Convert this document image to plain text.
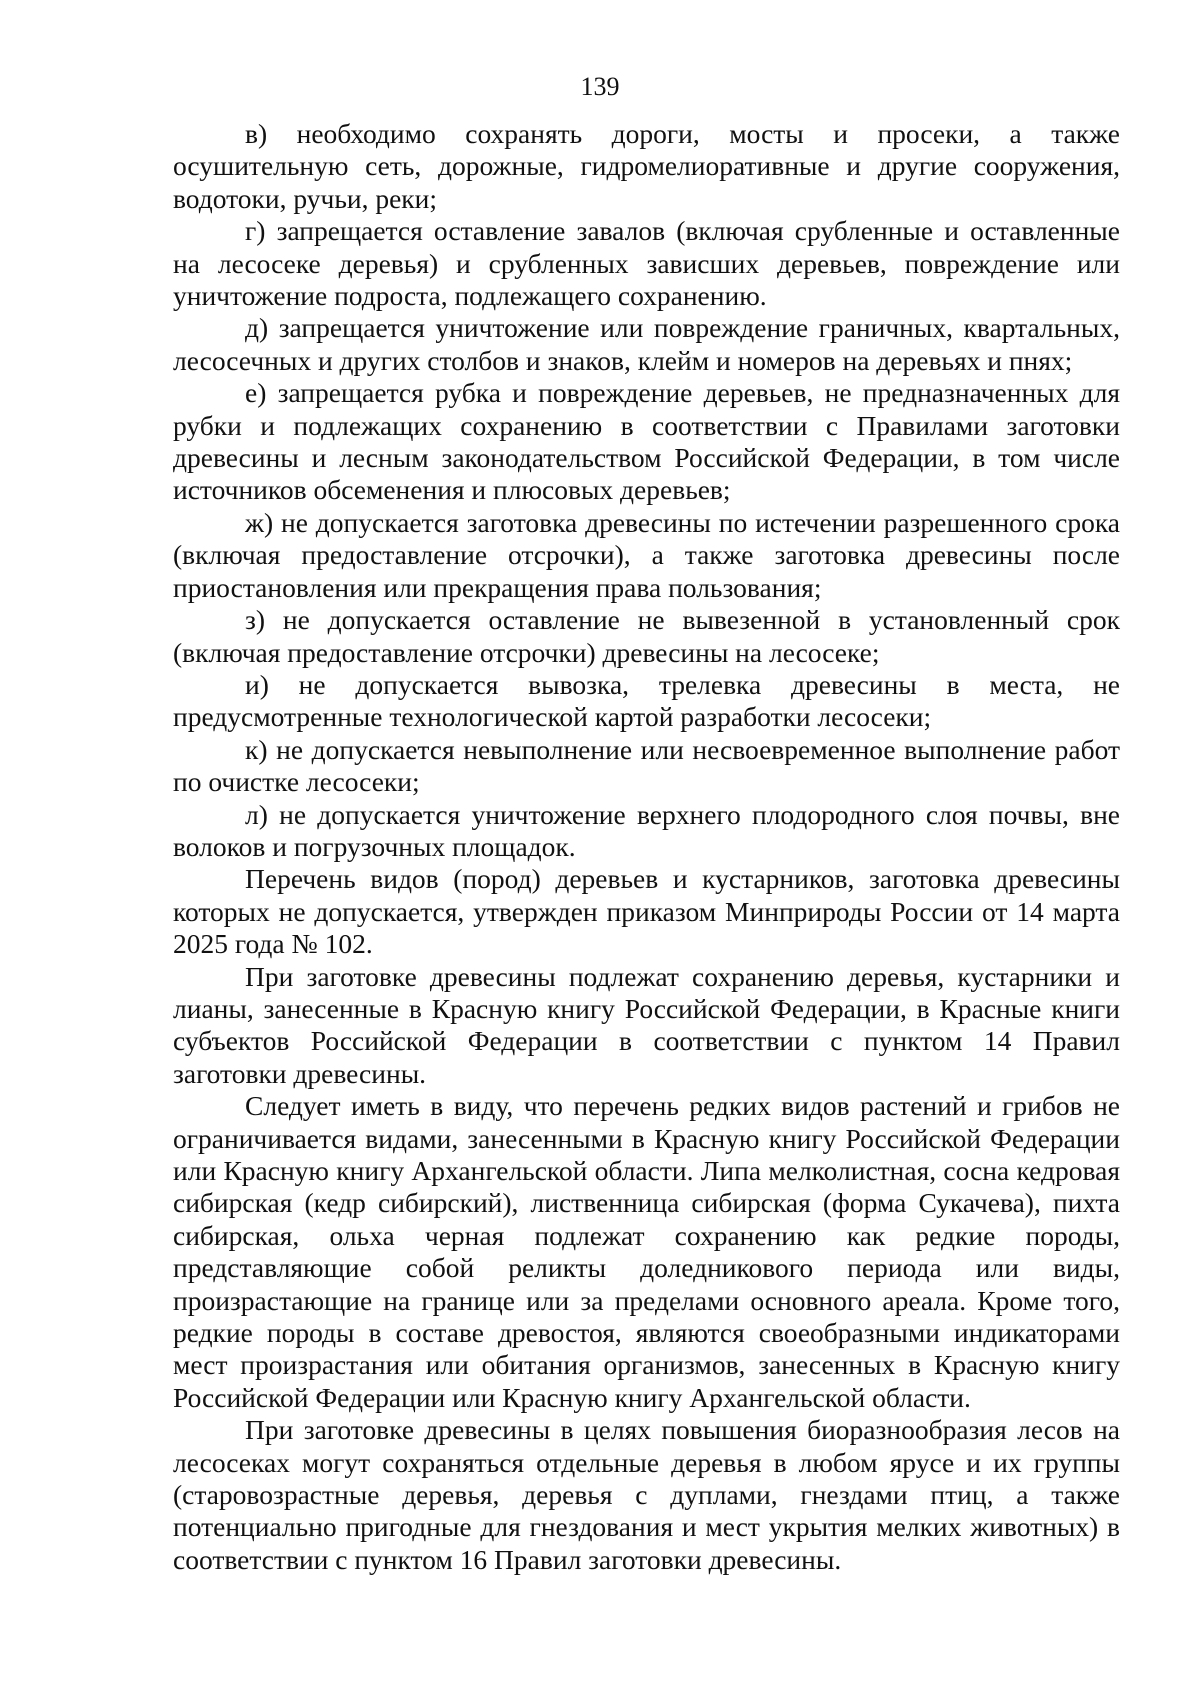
139

в) необходимо сохранять дороги, мосты и просеки, а также осушительную сеть, дорожные, гидромелиоративные и другие сооружения, водотоки, ручьи, реки;

г) запрещается оставление завалов (включая срубленные и оставленные на лесосеке деревья) и срубленных зависших деревьев, повреждение или уничтожение подроста, подлежащего сохранению.

д) запрещается уничтожение или повреждение граничных, квартальных, лесосечных и других столбов и знаков, клейм и номеров на деревьях и пнях;

е) запрещается рубка и повреждение деревьев, не предназначенных для рубки и подлежащих сохранению в соответствии с Правилами заготовки древесины и лесным законодательством Российской Федерации, в том числе источников обсеменения и плюсовых деревьев;

ж) не допускается заготовка древесины по истечении разрешенного срока (включая предоставление отсрочки), а также заготовка древесины после приостановления или прекращения права пользования;

з) не допускается оставление не вывезенной в установленный срок (включая предоставление отсрочки) древесины на лесосеке;

и) не допускается вывозка, трелевка древесины в места, не предусмотренные технологической картой разработки лесосеки;

к) не допускается невыполнение или несвоевременное выполнение работ по очистке лесосеки;

л) не допускается уничтожение верхнего плодородного слоя почвы, вне волоков и погрузочных площадок.

Перечень видов (пород) деревьев и кустарников, заготовка древесины которых не допускается, утвержден приказом Минприроды России от 14 марта 2025 года № 102.

При заготовке древесины подлежат сохранению деревья, кустарники и лианы, занесенные в Красную книгу Российской Федерации, в Красные книги субъектов Российской Федерации в соответствии с пунктом 14 Правил заготовки древесины.

Следует иметь в виду, что перечень редких видов растений и грибов не ограничивается видами, занесенными в Красную книгу Российской Федерации или Красную книгу Архангельской области. Липа мелколистная, сосна кедровая сибирская (кедр сибирский), лиственница сибирская (форма Сукачева), пихта сибирская, ольха черная подлежат сохранению как редкие породы, представляющие собой реликты доледникового периода или виды, произрастающие на границе или за пределами основного ареала. Кроме того, редкие породы в составе древостоя, являются своеобразными индикаторами мест произрастания или обитания организмов, занесенных в Красную книгу Российской Федерации или Красную книгу Архангельской области.

При заготовке древесины в целях повышения биоразнообразия лесов на лесосеках могут сохраняться отдельные деревья в любом ярусе и их группы (старовозрастные деревья, деревья с дуплами, гнездами птиц, а также потенциально пригодные для гнездования и мест укрытия мелких животных) в соответствии с пунктом 16 Правил заготовки древесины.
